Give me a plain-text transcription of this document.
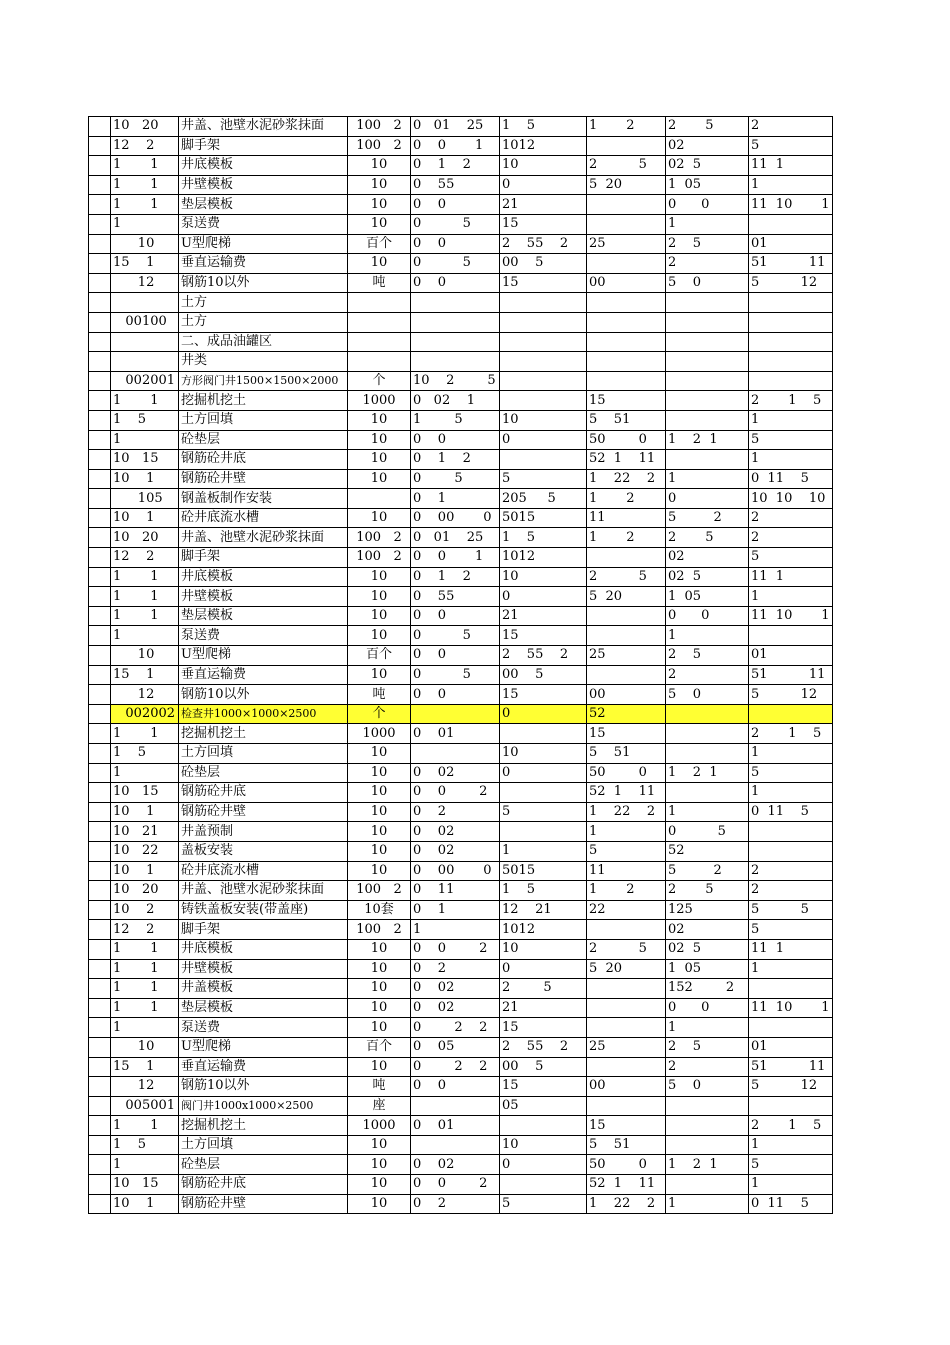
	10   20	井盖、池壁水泥砂浆抹面	100   2	0   01    25	1    5	1       2	2       5	2
	12    2	脚手架	100   2	0    0       1	1012		02	5
	1       1	井底模板	10	0    1    2	10	2          5	02  5	11  1
	1       1	井壁模板	10	0    55	0	5  20	1  05	1
	1       1	垫层模板	10	0    0	21		0      0	11  10       1
	1	泵送费	10	0          5	15		1	
	10	U型爬梯	百个	0    0	2    55    2	25	2    5	01
	15    1	垂直运输费	10	0          5	00    5		2	51          11
	12	钢筋10以外	吨	0    0	15	00	5    0	5          12
		土方						
	00100	土方						
		二、成品油罐区						
		井类						
	002001	方形阀门井1500×1500×2000	个	10    2        5				
	1       1	挖掘机挖土	1000	0   02    1		15		2       1    5
	1    5	土方回填	10	1        5	10	5    51		1
	1	砼垫层	10	0    0	0	50        0	1    2  1	5
	10   15	钢筋砼井底	10	0    1    2		52  1    11		1
	10    1	钢筋砼井壁	10	0        5	5	1    22    2	1	0  11    5
	105	钢盖板制作安装		0    1	205     5	1       2	0	10  10    10
	10    1	砼井底流水槽	10	0    00       0	5015	11	5         2	2
	10   20	井盖、池壁水泥砂浆抹面	100   2	0   01    25	1    5	1       2	2       5	2
	12    2	脚手架	100   2	0    0       1	1012		02	5
	1       1	井底模板	10	0    1    2	10	2          5	02  5	11  1
	1       1	井壁模板	10	0    55	0	5  20	1  05	1
	1       1	垫层模板	10	0    0	21		0      0	11  10       1
	1	泵送费	10	0          5	15		1	
	10	U型爬梯	百个	0    0	2    55    2	25	2    5	01
	15    1	垂直运输费	10	0          5	00    5		2	51          11
	12	钢筋10以外	吨	0    0	15	00	5    0	5          12
	002002	检查井1000×1000×2500	个		0	52		
	1       1	挖掘机挖土	1000	0    01		15		2       1    5
	1    5	土方回填	10		10	5    51		1
	1	砼垫层	10	0    02	0	50        0	1    2  1	5
	10   15	钢筋砼井底	10	0    0        2		52  1    11		1
	10    1	钢筋砼井壁	10	0    2	5	1    22    2	1	0  11    5
	10   21	井盖预制	10	0    02		1	0          5	
	10   22	盖板安装	10	0    02	1	5	52	
	10    1	砼井底流水槽	10	0    00       0	5015	11	5         2	2
	10   20	井盖、池壁水泥砂浆抹面	100   2	0    11	1    5	1       2	2       5	2
	10    2	铸铁盖板安装(带盖座)	10套	0    1	12    21	22	125	5          5
	12    2	脚手架	100   2	1	1012		02	5
	1       1	井底模板	10	0    0        2	10	2          5	02  5	11  1
	1       1	井壁模板	10	0    2	0	5  20	1  05	1
	1       1	井盖模板	10	0    02	2        5		152        2	
	1       1	垫层模板	10	0    02	21		0      0	11  10       1
	1	泵送费	10	0        2    2	15		1	
	10	U型爬梯	百个	0    05	2    55    2	25	2    5	01
	15    1	垂直运输费	10	0        2    2	00    5		2	51          11
	12	钢筋10以外	吨	0    0	15	00	5    0	5          12
	005001	阀门井1000x1000×2500	座		05			
	1       1	挖掘机挖土	1000	0    01		15		2       1    5
	1    5	土方回填	10		10	5    51		1
	1	砼垫层	10	0    02	0	50        0	1    2  1	5
	10   15	钢筋砼井底	10	0    0        2		52  1    11		1
	10    1	钢筋砼井壁	10	0    2	5	1    22    2	1	0  11    5
